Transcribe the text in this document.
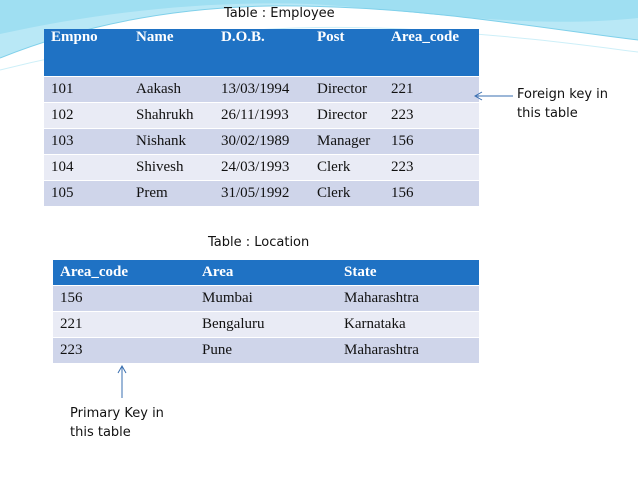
Table : Employee
Empno	Name	D.O.B.	Post	Area_code
101	Aakash	13/03/1994	Director	221
102	Shahrukh	26/11/1993	Director	223
103	Nishank	30/02/1989	Manager	156
104	Shivesh	24/03/1993	Clerk	223
105	Prem	31/05/1992	Clerk	156
Table : Location
Area_code	Area	State
156	Mumbai	Maharashtra
221	Bengaluru	Karnataka
223	Pune	Maharashtra
Foreign key in
this table
Primary Key in
this table
